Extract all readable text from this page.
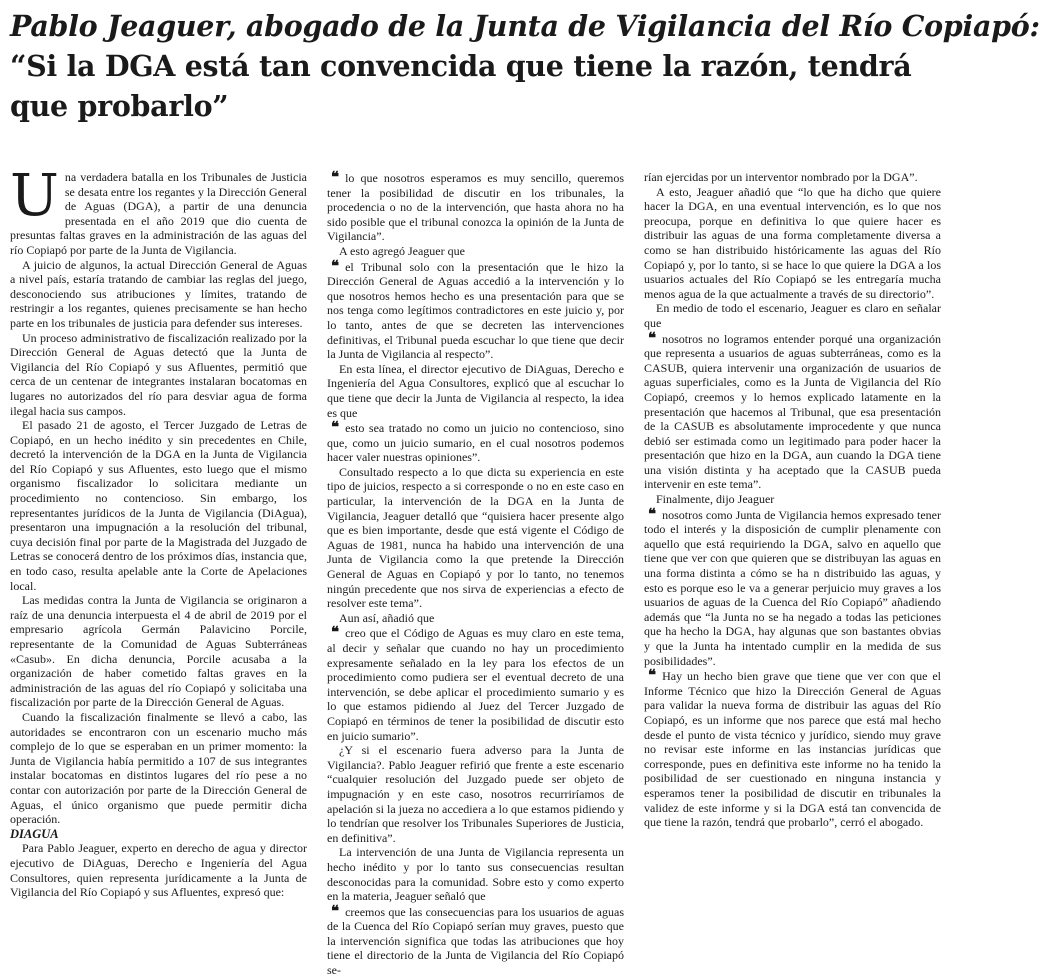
Pablo Jeaguer, abogado de la Junta de Vigilancia del Río Copiapó:
“Si la DGA está tan convencida que tiene la razón, tendrá que probarlo”

Una verdadera batalla en los Tribunales de Justicia se desata entre los regantes y la Dirección General de Aguas (DGA), a partir de una denuncia presentada en el año 2019 que dio cuenta de presuntas faltas graves en la administración de las aguas del río Copiapó por parte de la Junta de Vigilancia.

A juicio de algunos, la actual Dirección General de Aguas a nivel país, estaría tratando de cambiar las reglas del juego, desconociendo sus atribuciones y límites, tratando de restringir a los regantes, quienes precisamente se han hecho parte en los tribunales de justicia para defender sus intereses.

Un proceso administrativo de fiscalización realizado por la Dirección General de Aguas detectó que la Junta de Vigilancia del Río Copiapó y sus Afluentes, permitió que cerca de un centenar de integrantes instalaran bocatomas en lugares no autorizados del río para desviar agua de forma ilegal hacia sus campos.

El pasado 21 de agosto, el Tercer Juzgado de Letras de Copiapó, en un hecho inédito y sin precedentes en Chile, decretó la intervención de la DGA en la Junta de Vigilancia del Río Copiapó y sus Afluentes, esto luego que el mismo organismo fiscalizador lo solicitara mediante un procedimiento no contencioso. Sin embargo, los representantes jurídicos de la Junta de Vigilancia (DiAgua), presentaron una impugnación a la resolución del tribunal, cuya decisión final por parte de la Magistrada del Juzgado de Letras se conocerá dentro de los próximos días, instancia que, en todo caso, resulta apelable ante la Corte de Apelaciones local.

Las medidas contra la Junta de Vigilancia se originaron a raíz de una denuncia interpuesta el 4 de abril de 2019 por el empresario agrícola Germán Palavicino Porcile, representante de la Comunidad de Aguas Subterráneas «Casub». En dicha denuncia, Porcile acusaba a la organización de haber cometido faltas graves en la administración de las aguas del río Copiapó y solicitaba una fiscalización por parte de la Dirección General de Aguas.

Cuando la fiscalización finalmente se llevó a cabo, las autoridades se encontraron con un escenario mucho más complejo de lo que se esperaban en un primer momento: la Junta de Vigilancia había permitido a 107 de sus integrantes instalar bocatomas en distintos lugares del río pese a no contar con autorización por parte de la Dirección General de Aguas, el único organismo que puede permitir dicha operación.

DIAGUA

Para Pablo Jeaguer, experto en derecho de agua y director ejecutivo de DiAguas, Derecho e Ingeniería del Agua Consultores, quien representa jurídicamente a la Junta de Vigilancia del Río Copiapó y sus Afluentes, expresó que:

❝ lo que nosotros esperamos es muy sencillo, queremos tener la posibilidad de discutir en los tribunales, la procedencia o no de la intervención, que hasta ahora no ha sido posible que el tribunal conozca la opinión de la Junta de Vigilancia”.

A esto agregó Jeaguer que

❝ el Tribunal solo con la presentación que le hizo la Dirección General de Aguas accedió a la intervención y lo que nosotros hemos hecho es una presentación para que se nos tenga como legítimos contradictores en este juicio y, por lo tanto, antes de que se decreten las intervenciones definitivas, el Tribunal pueda escuchar lo que tiene que decir la Junta de Vigilancia al respecto”.

En esta línea, el director ejecutivo de DiAguas, Derecho e Ingeniería del Agua Consultores, explicó que al escuchar lo que tiene que decir la Junta de Vigilancia al respecto, la idea es que

❝ esto sea tratado no como un juicio no contencioso, sino que, como un juicio sumario, en el cual nosotros podemos hacer valer nuestras opiniones”.

Consultado respecto a lo que dicta su experiencia en este tipo de juicios, respecto a si corresponde o no en este caso en particular, la intervención de la DGA en la Junta de Vigilancia, Jeaguer detalló que “quisiera hacer presente algo que es bien importante, desde que está vigente el Código de Aguas de 1981, nunca ha habido una intervención de una Junta de Vigilancia como la que pretende la Dirección General de Aguas en Copiapó y por lo tanto, no tenemos ningún precedente que nos sirva de experiencias a efecto de resolver este tema”.

Aun así, añadió que

❝ creo que el Código de Aguas es muy claro en este tema, al decir y señalar que cuando no hay un procedimiento expresamente señalado en la ley para los efectos de un procedimiento como pudiera ser el eventual decreto de una intervención, se debe aplicar el procedimiento sumario y es lo que estamos pidiendo al Juez del Tercer Juzgado de Copiapó en términos de tener la posibilidad de discutir esto en juicio sumario”.

¿Y si el escenario fuera adverso para la Junta de Vigilancia?. Pablo Jeaguer refirió que frente a este escenario “cualquier resolución del Juzgado puede ser objeto de impugnación y en este caso, nosotros recurriríamos de apelación si la jueza no accediera a lo que estamos pidiendo y lo tendrían que resolver los Tribunales Superiores de Justicia, en definitiva”.

La intervención de una Junta de Vigilancia representa un hecho inédito y por lo tanto sus consecuencias resultan desconocidas para la comunidad. Sobre esto y como experto en la materia, Jeaguer señaló que

❝ creemos que las consecuencias para los usuarios de aguas de la Cuenca del Río Copiapó serían muy graves, puesto que la intervención significa que todas las atribuciones que hoy tiene el directorio de la Junta de Vigilancia del Río Copiapó se-

rían ejercidas por un interventor nombrado por la DGA”.

A esto, Jeaguer añadió que “lo que ha dicho que quiere hacer la DGA, en una eventual intervención, es lo que nos preocupa, porque en definitiva lo que quiere hacer es distribuir las aguas de una forma completamente diversa a como se han distribuido históricamente las aguas del Río Copiapó y, por lo tanto, si se hace lo que quiere la DGA a los usuarios actuales del Río Copiapó se les entregaría mucha menos agua de la que actualmente a través de su directorio”.

En medio de todo el escenario, Jeaguer es claro en señalar que

❝ nosotros no logramos entender porqué una organización que representa a usuarios de aguas subterráneas, como es la CASUB, quiera intervenir una organización de usuarios de aguas superficiales, como es la Junta de Vigilancia del Río Copiapó, creemos y lo hemos explicado latamente en la presentación que hacemos al Tribunal, que esa presentación de la CASUB es absolutamente improcedente y que nunca debió ser estimada como un legitimado para poder hacer la presentación que hizo en la DGA, aun cuando la DGA tiene una visión distinta y ha aceptado que la CASUB pueda intervenir en este tema”.

Finalmente, dijo Jeaguer

❝ nosotros como Junta de Vigilancia hemos expresado tener todo el interés y la disposición de cumplir plenamente con aquello que está requiriendo la DGA, salvo en aquello que tiene que ver con que quieren que se distribuyan las aguas en una forma distinta a cómo se ha n distribuido las aguas, y esto es porque eso le va a generar perjuicio muy graves a los usuarios de aguas de la Cuenca del Río Copiapó” añadiendo además que “la Junta no se ha negado a todas las peticiones que ha hecho la DGA, hay algunas que son bastantes obvias y que la Junta ha intentado cumplir en la medida de sus posibilidades”.

❝ Hay un hecho bien grave que tiene que ver con que el Informe Técnico que hizo la Dirección General de Aguas para validar la nueva forma de distribuir las aguas del Río Copiapó, es un informe que nos parece que está mal hecho desde el punto de vista técnico y jurídico, siendo muy grave no revisar este informe en las instancias jurídicas que corresponde, pues en definitiva este informe no ha tenido la posibilidad de ser cuestionado en ninguna instancia y esperamos tener la posibilidad de discutir en tribunales la validez de este informe y si la DGA está tan convencida de que tiene la razón, tendrá que probarlo”, cerró el abogado.
